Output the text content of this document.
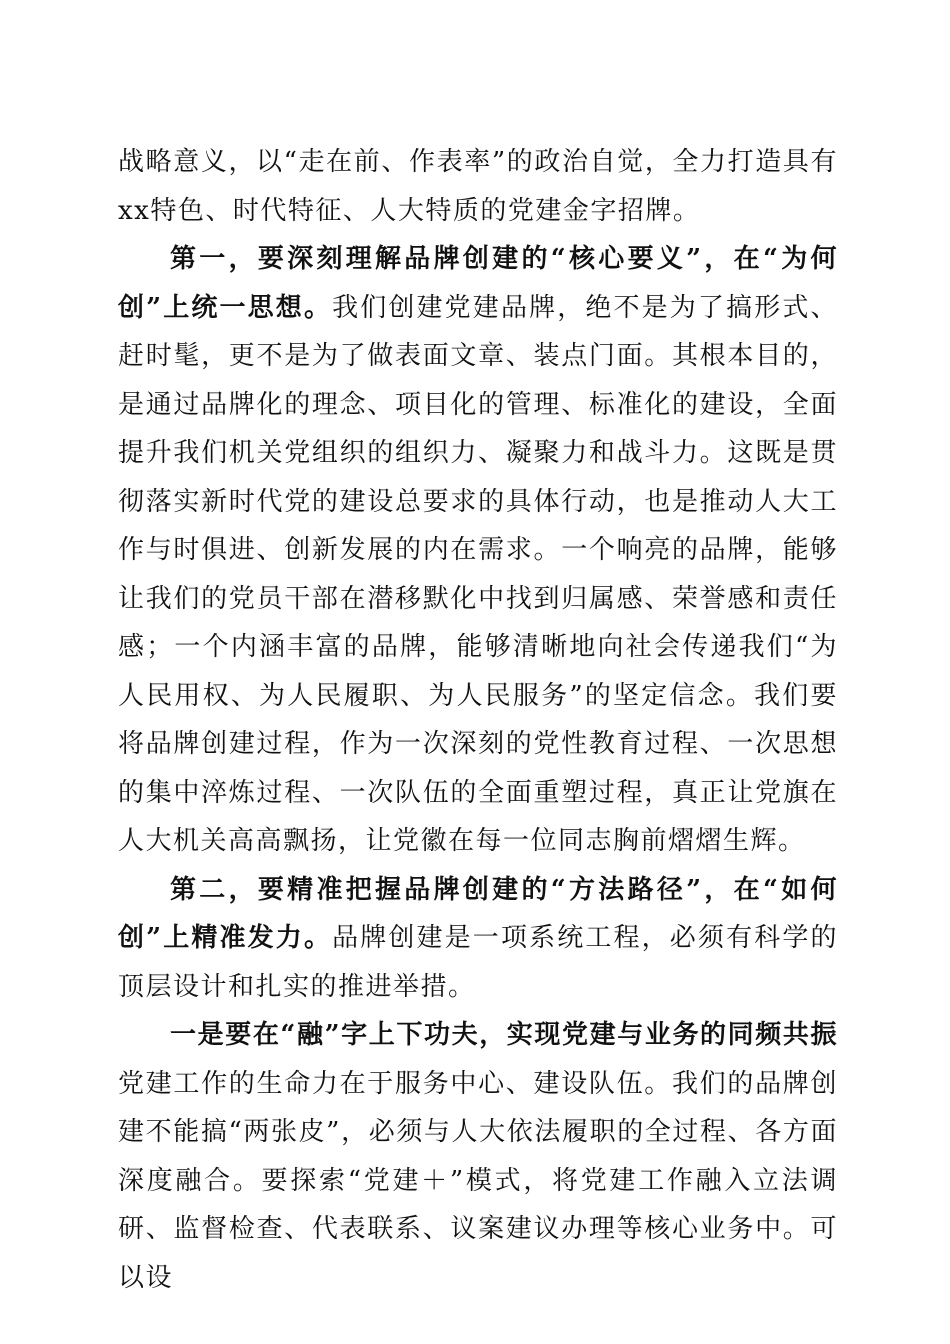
战略意义，以“走在前、作表率”的政治自觉，全力打造具有xx特色、时代特征、人大特质的党建金字招牌。

第一，要深刻理解品牌创建的“核心要义”，在“为何创”上统一思想。我们创建党建品牌，绝不是为了搞形式、赶时髦，更不是为了做表面文章、装点门面。其根本目的，是通过品牌化的理念、项目化的管理、标准化的建设，全面提升我们机关党组织的组织力、凝聚力和战斗力。这既是贯彻落实新时代党的建设总要求的具体行动，也是推动人大工作与时俱进、创新发展的内在需求。一个响亮的品牌，能够让我们的党员干部在潜移默化中找到归属感、荣誉感和责任感；一个内涵丰富的品牌，能够清晰地向社会传递我们“为人民用权、为人民履职、为人民服务”的坚定信念。我们要将品牌创建过程，作为一次深刻的党性教育过程、一次思想的集中淬炼过程、一次队伍的全面重塑过程，真正让党旗在人大机关高高飘扬，让党徽在每一位同志胸前熠熠生辉。

第二，要精准把握品牌创建的“方法路径”，在“如何创”上精准发力。品牌创建是一项系统工程，必须有科学的顶层设计和扎实的推进举措。

一是要在“融”字上下功夫，实现党建与业务的同频共振党建工作的生命力在于服务中心、建设队伍。我们的品牌创建不能搞“两张皮”，必须与人大依法履职的全过程、各方面深度融合。要探索“党建＋”模式，将党建工作融入立法调研、监督检查、代表联系、议案建议办理等核心业务中。可以设
